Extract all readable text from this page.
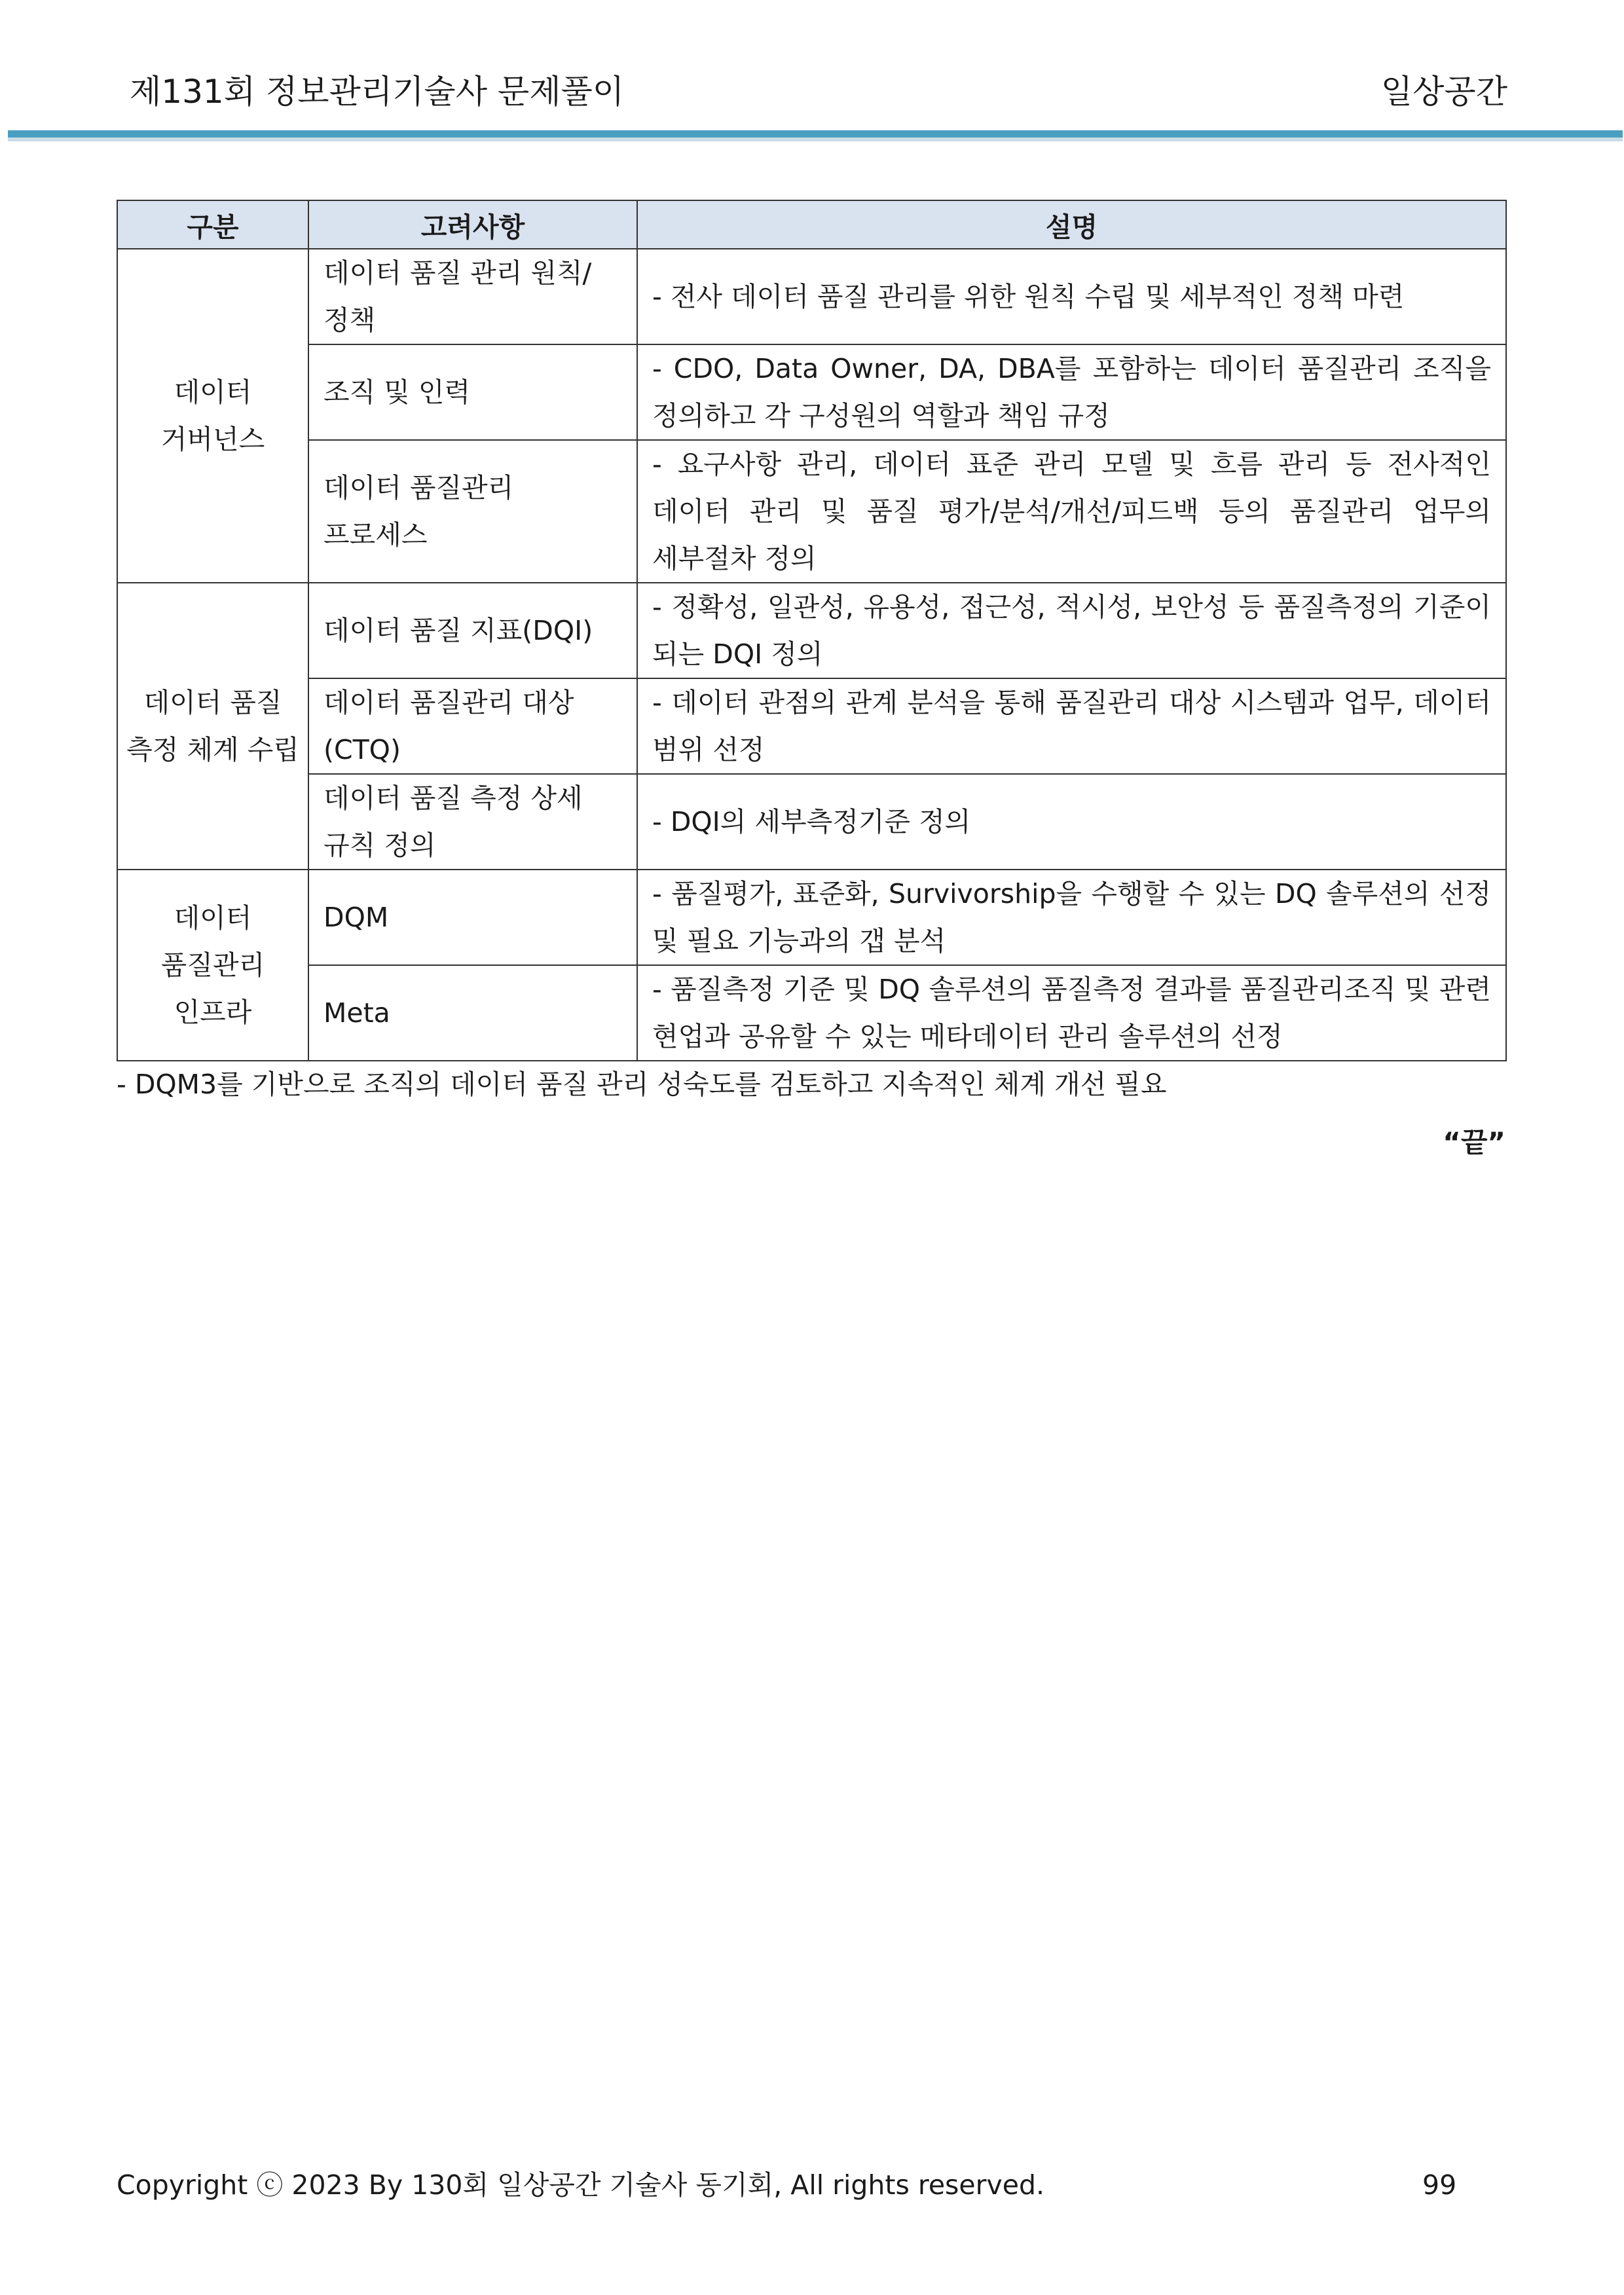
제131회 정보관리기술사 문제풀이	일상공간
구분	고려사항	설명
데이터 거버넌스	데이터 품질 관리 원칙/정책	- 전사 데이터 품질 관리를 위한 원칙 수립 및 세부적인 정책 마련
	조직 및 인력	- CDO, Data Owner, DA, DBA를 포함하는 데이터 품질관리 조직을 정의하고 각 구성원의 역할과 책임 규정
	데이터 품질관리 프로세스	- 요구사항 관리, 데이터 표준 관리 모델 및 흐름 관리 등 전사적인 데이터 관리 및 품질 평가/분석/개선/피드백 등의 품질관리 업무의 세부절차 정의
데이터 품질 측정 체계 수립	데이터 품질 지표(DQI)	- 정확성, 일관성, 유용성, 접근성, 적시성, 보안성 등 품질측정의 기준이 되는 DQI 정의
	데이터 품질관리 대상 (CTQ)	- 데이터 관점의 관계 분석을 통해 품질관리 대상 시스템과 업무, 데이터 범위 선정
	데이터 품질 측정 상세 규칙 정의	- DQI의 세부측정기준 정의
데이터 품질관리 인프라	DQM	- 품질평가, 표준화, Survivorship을 수행할 수 있는 DQ 솔루션의 선정 및 필요 기능과의 갭 분석
	Meta	- 품질측정 기준 및 DQ 솔루션의 품질측정 결과를 품질관리조직 및 관련 현업과 공유할 수 있는 메타데이터 관리 솔루션의 선정
- DQM3를 기반으로 조직의 데이터 품질 관리 성숙도를 검토하고 지속적인 체계 개선 필요
“끝”
Copyright ⓒ 2023 By 130회 일상공간 기술사 동기회, All rights reserved.	99
